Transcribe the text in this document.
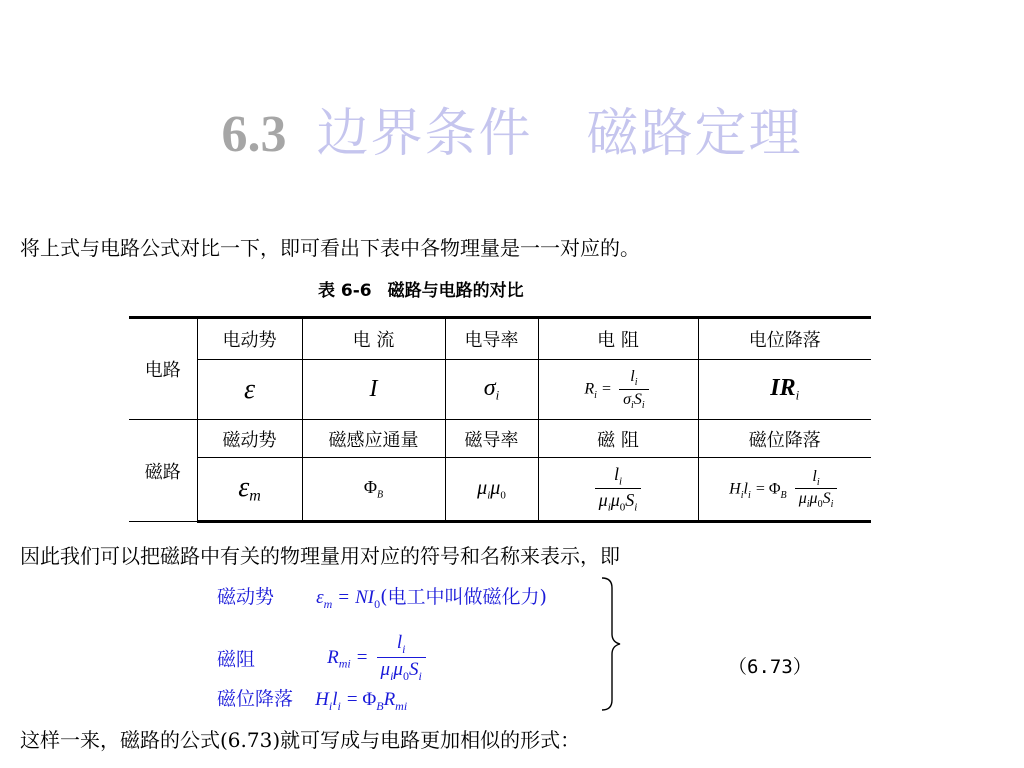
6.3 边界条件　磁路定理
将上式与电路公式对比一下，即可看出下表中各物理量是一一对应的。
表 6-6 磁路与电路的对比
电路	电动势	电 流	电导率	电 阻	电位降落
	ε	I	$\sigma_i$	$R_i = \frac{l_i}{\sigma_iS_i}$	$IR_i$
磁路	磁动势	磁感应通量	磁导率	磁 阻	磁位降落
	$\varepsilon_m$	$\Phi_B$	$\mu_i\mu_0$	$\frac{l_i}{\mu_i\mu_0S_i}$	$H_il_i = \Phi_B \frac{l_i}{\mu_i\mu_0S_i}$
因此我们可以把磁路中有关的物理量用对应的符号和名称来表示，即
磁动势 $\varepsilon_m = NI_0$(电工中叫做磁化力)
磁阻	$R_{mi} = \frac{l_i}{\mu_i\mu_0S_i}$
磁位降落 $H_il_i = \Phi_BR_{mi}$
（6.73）
这样一来，磁路的公式(6.73)就可写成与电路更加相似的形式：
